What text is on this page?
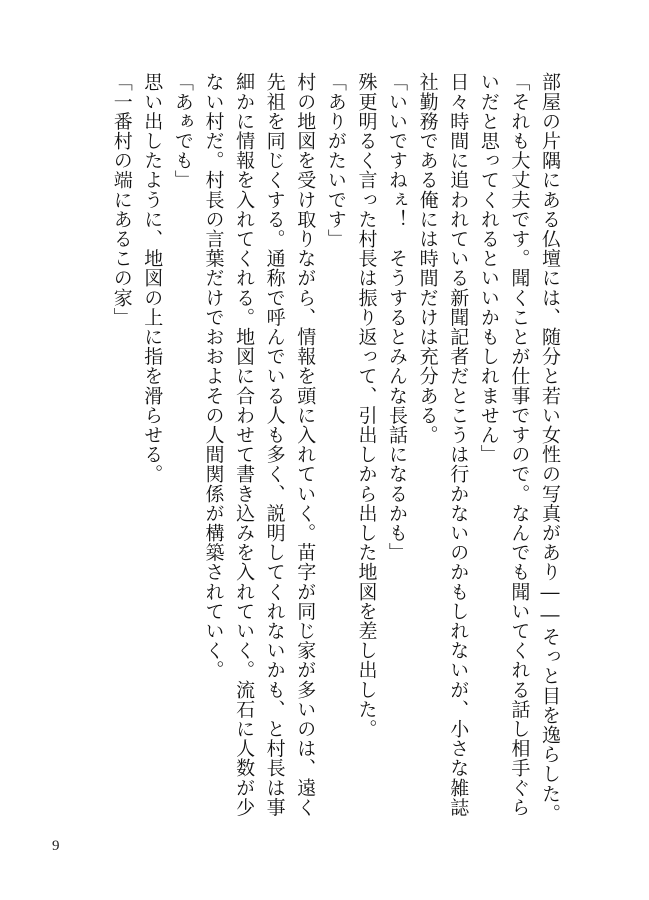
部屋の片隅にある仏壇には、随分と若い女性の写真があり――そっと目を逸らした。

「それも大丈夫です。聞くことが仕事ですので。なんでも聞いてくれる話し相手ぐらいだと思ってくれるといいかもしれません」

日々時間に追われている新聞記者だとこうは行かないのかもしれないが、小さな雑誌社勤務である俺には時間だけは充分ある。

「いいですねぇ！　そうするとみんな長話になるかも」

殊更明るく言った村長は振り返って、引出しから出した地図を差し出した。

「ありがたいです」

村の地図を受け取りながら、情報を頭に入れていく。苗字が同じ家が多いのは、遠く先祖を同じくする。通称で呼んでいる人も多く、説明してくれないかも、と村長は事細かに情報を入れてくれる。地図に合わせて書き込みを入れていく。流石に人数が少ない村だ。村長の言葉だけでおおよその人間関係が構築されていく。

「あぁでも」

思い出したように、地図の上に指を滑らせる。

「一番村の端にあるこの家」

9
